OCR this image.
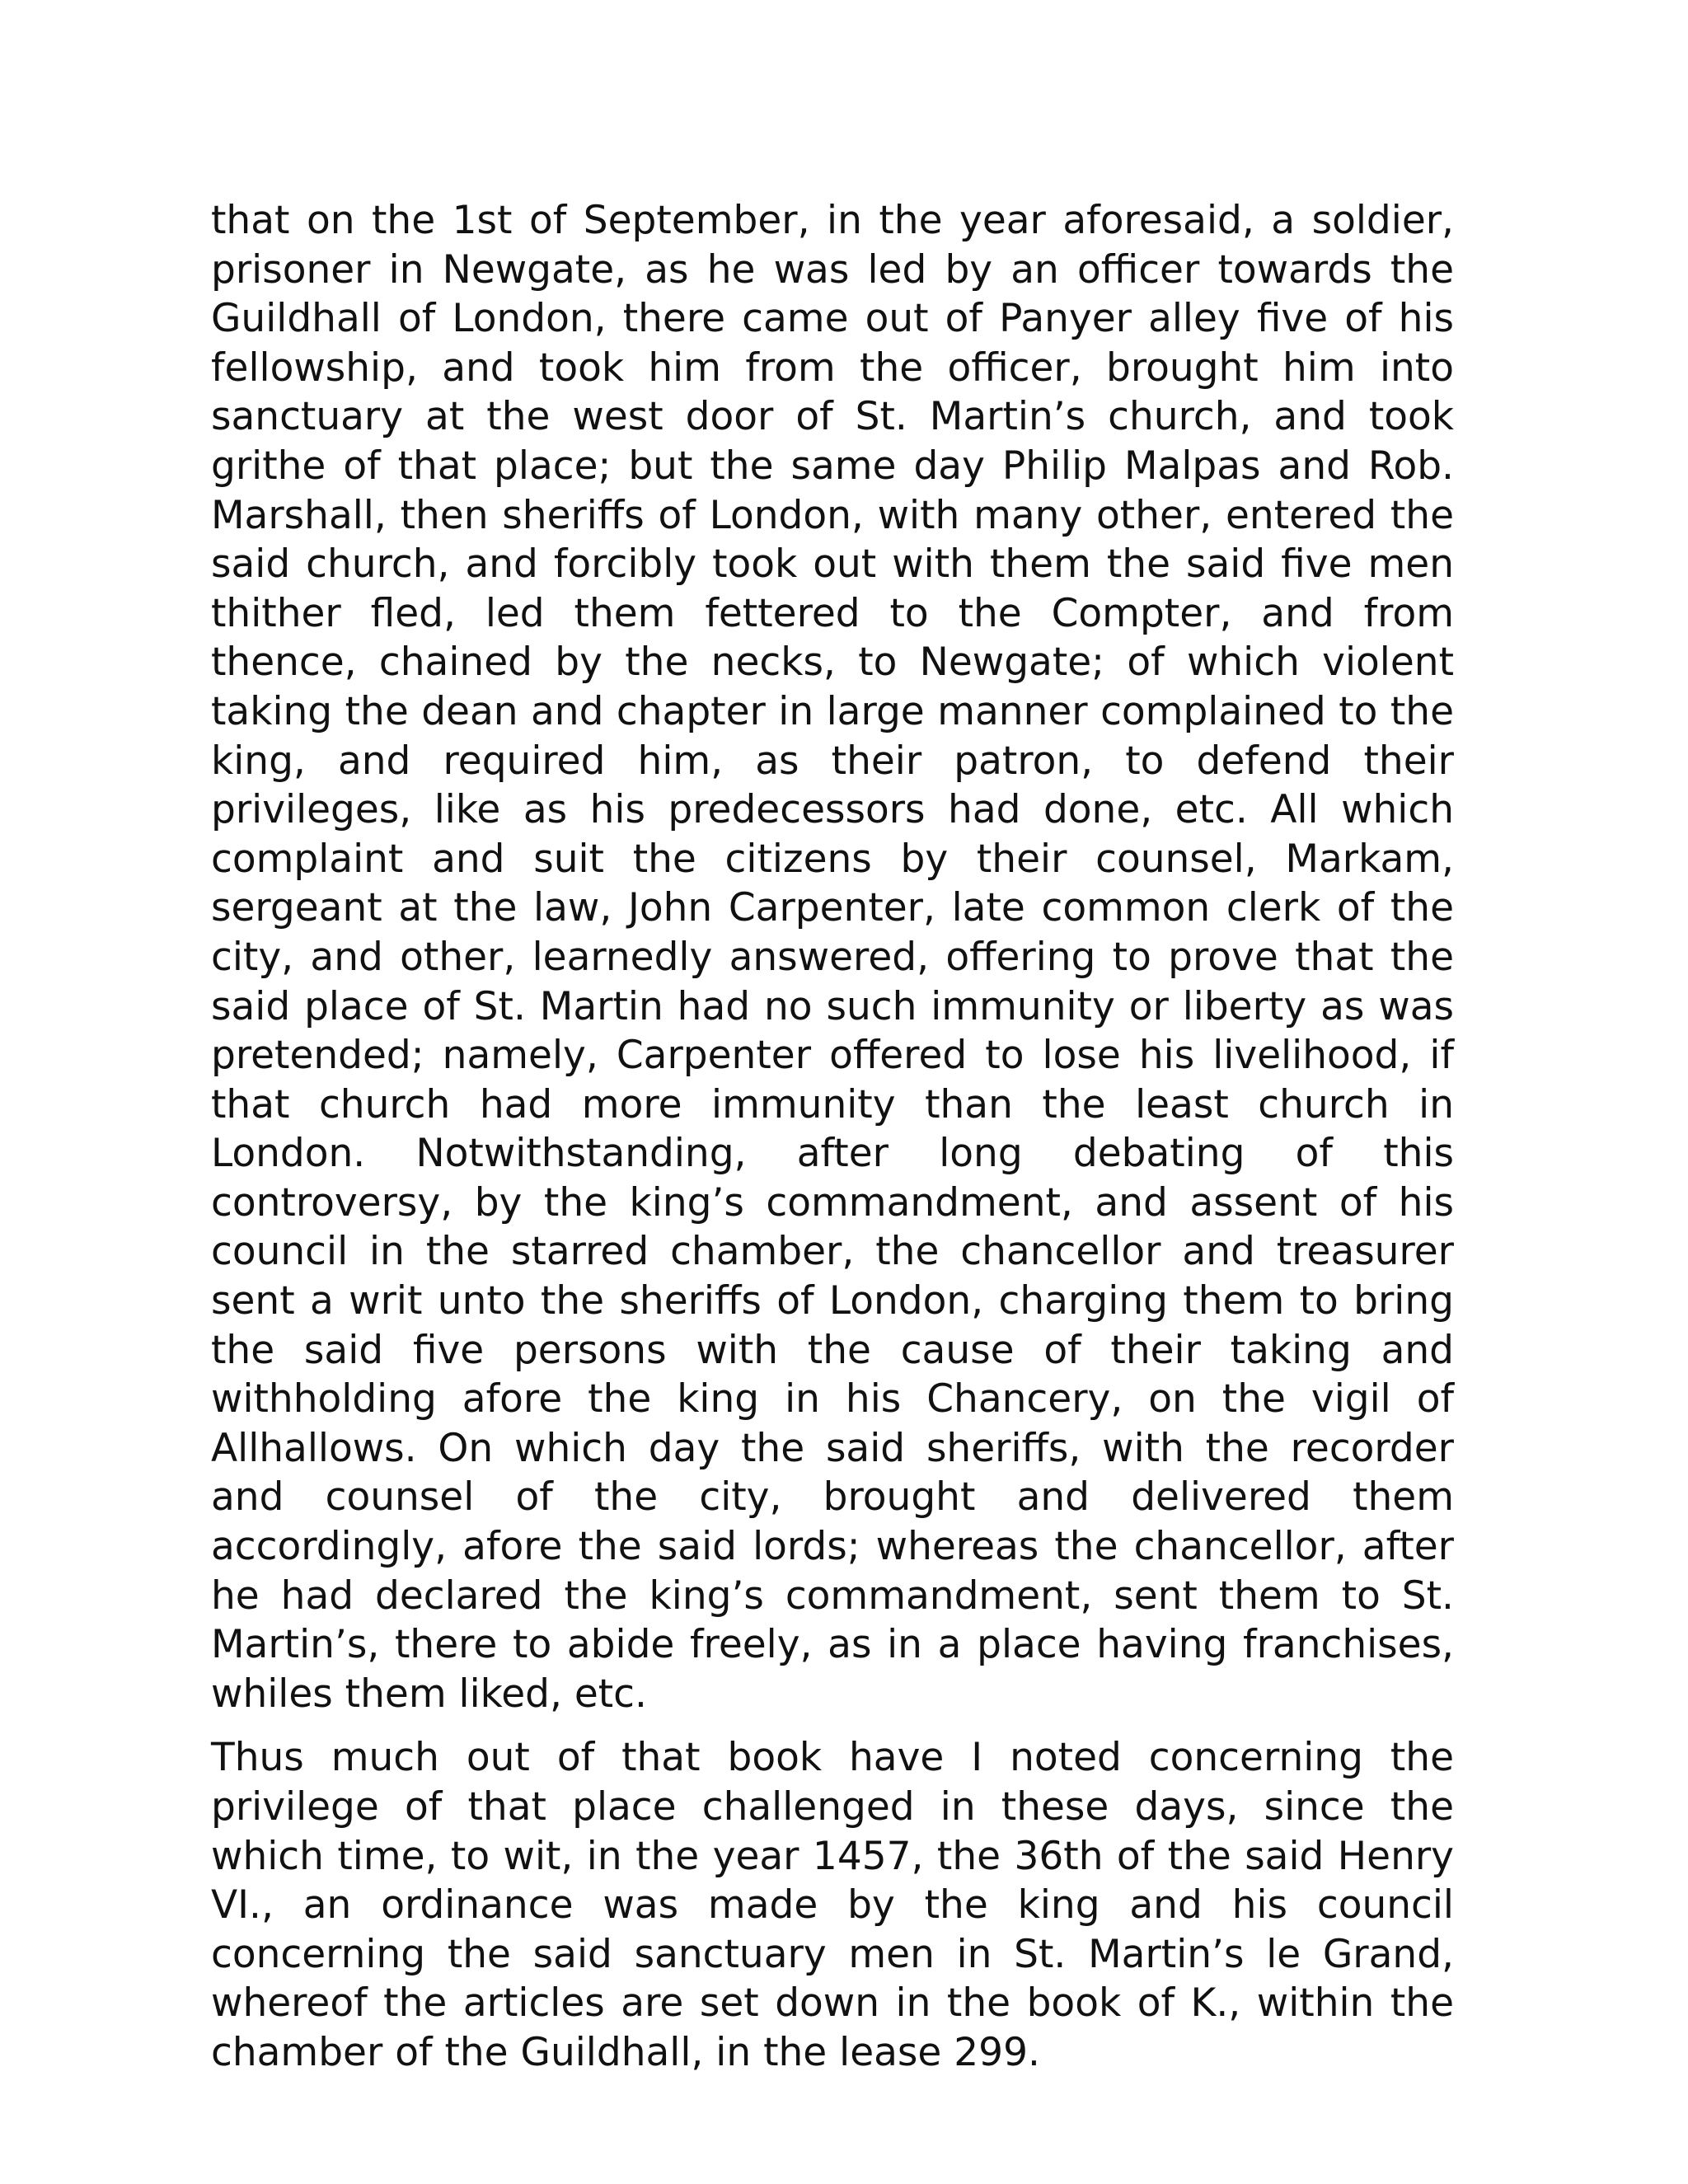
that on the 1st of September, in the year aforesaid, a soldier, prisoner in Newgate, as he was led by an officer towards the Guildhall of London, there came out of Panyer alley five of his fellowship, and took him from the officer, brought him into sanctuary at the west door of St. Martin’s church, and took grithe of that place; but the same day Philip Malpas and Rob. Marshall, then sheriffs of London, with many other, entered the said church, and forcibly took out with them the said five men thither fled, led them fettered to the Compter, and from thence, chained by the necks, to Newgate; of which violent taking the dean and chapter in large manner complained to the king, and required him, as their patron, to defend their privileges, like as his predecessors had done, etc. All which complaint and suit the citizens by their counsel, Markam, sergeant at the law, John Carpenter, late common clerk of the city, and other, learnedly answered, offering to prove that the said place of St. Martin had no such immunity or liberty as was pretended; namely, Carpenter offered to lose his livelihood, if that church had more immunity than the least church in London. Notwithstanding, after long debating of this controversy, by the king’s commandment, and assent of his council in the starred chamber, the chancellor and treasurer sent a writ unto the sheriffs of London, charging them to bring the said five persons with the cause of their taking and withholding afore the king in his Chancery, on the vigil of Allhallows. On which day the said sheriffs, with the recorder and counsel of the city, brought and delivered them accordingly, afore the said lords; whereas the chancellor, after he had declared the king’s commandment, sent them to St. Martin’s, there to abide freely, as in a place having franchises, whiles them liked, etc.

Thus much out of that book have I noted concerning the privilege of that place challenged in these days, since the which time, to wit, in the year 1457, the 36th of the said Henry VI., an ordinance was made by the king and his council concerning the said sanctuary men in St. Martin’s le Grand, whereof the articles are set down in the book of K., within the chamber of the Guildhall, in the lease 299.
